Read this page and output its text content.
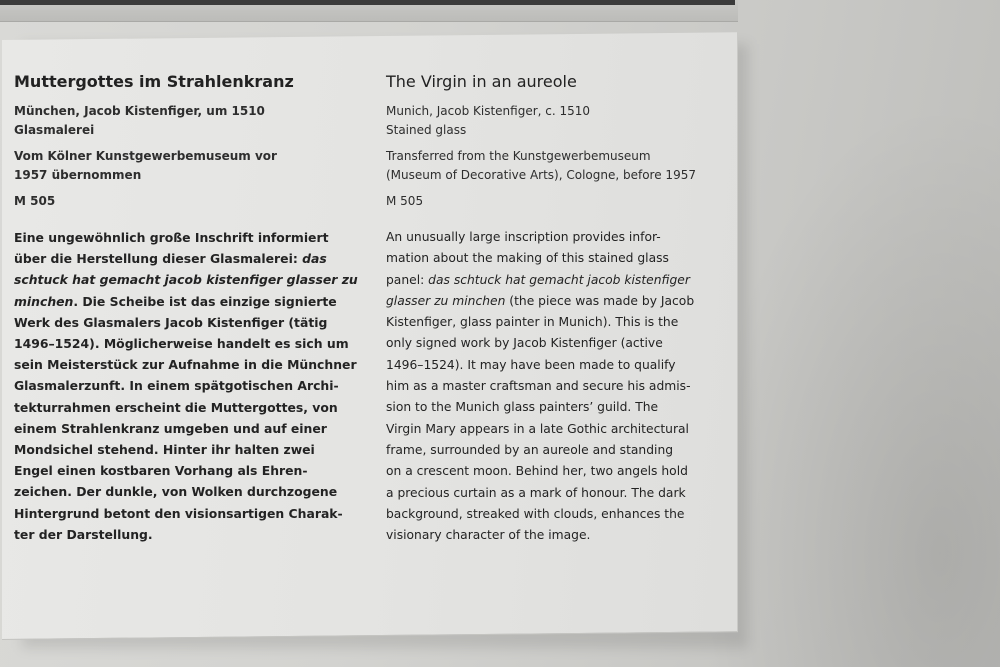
Muttergottes im Strahlenkranz
München, Jacob Kistenfiger, um 1510
Glasmalerei
Vom Kölner Kunstgewerbemuseum vor
1957 übernommen
M 505
Eine ungewöhnlich große Inschrift informiert
über die Herstellung dieser Glasmalerei: das
schtuck hat gemacht jacob kistenfiger glasser zu
minchen. Die Scheibe ist das einzige signierte
Werk des Glasmalers Jacob Kistenfiger (tätig
1496–1524). Möglicherweise handelt es sich um
sein Meisterstück zur Aufnahme in die Münchner
Glasmalerzunft. In einem spätgotischen Archi-
tekturrahmen erscheint die Muttergottes, von
einem Strahlenkranz umgeben und auf einer
Mondsichel stehend. Hinter ihr halten zwei
Engel einen kostbaren Vorhang als Ehren-
zeichen. Der dunkle, von Wolken durchzogene
Hintergrund betont den visionsartigen Charak-
ter der Darstellung.
The Virgin in an aureole
Munich, Jacob Kistenfiger, c. 1510
Stained glass
Transferred from the Kunstgewerbemuseum
(Museum of Decorative Arts), Cologne, before 1957
M 505
An unusually large inscription provides infor-
mation about the making of this stained glass
panel: das schtuck hat gemacht jacob kistenfiger
glasser zu minchen (the piece was made by Jacob
Kistenfiger, glass painter in Munich). This is the
only signed work by Jacob Kistenfiger (active
1496–1524). It may have been made to qualify
him as a master craftsman and secure his admis-
sion to the Munich glass painters’ guild. The
Virgin Mary appears in a late Gothic architectural
frame, surrounded by an aureole and standing
on a crescent moon. Behind her, two angels hold
a precious curtain as a mark of honour. The dark
background, streaked with clouds, enhances the
visionary character of the image.
